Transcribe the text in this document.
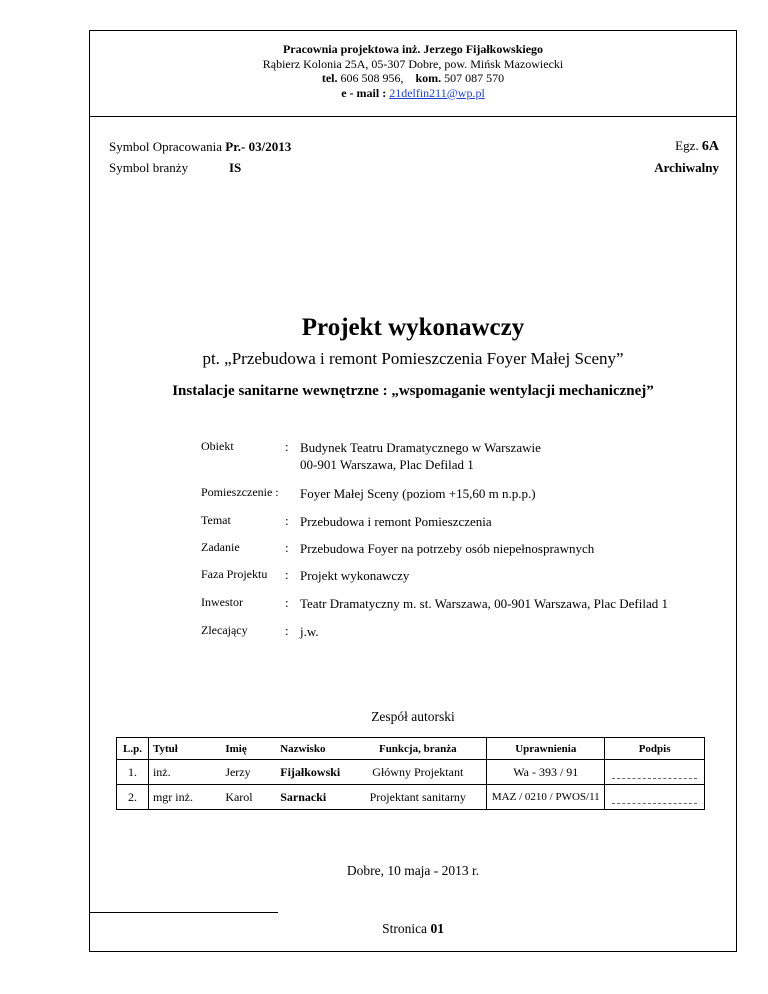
Pracownia projektowa inż. Jerzego Fijałkowskiego
Rąbierz Kolonia 25A, 05-307 Dobre, pow. Mińsk Mazowiecki
tel. 606 508 956, kom. 507 087 570
e - mail : 21delfin211@wp.pl
Symbol Opracowania Pr.- 03/2013
Symbol branży	IS
Egz. 6A
Archiwalny
Projekt wykonawczy
pt. „Przebudowa i remont Pomieszczenia Foyer Małej Sceny”
Instalacje sanitarne wewnętrzne : „wspomaganie wentylacji mechanicznej”
Obiekt	: Budynek Teatru Dramatycznego w Warszawie
00-901 Warszawa, Plac Defilad 1
Pomieszczenie : Foyer Małej Sceny (poziom +15,60 m n.p.p.)
Temat	: Przebudowa i remont Pomieszczenia
Zadanie	: Przebudowa Foyer na potrzeby osób niepełnosprawnych
Faza Projektu : Projekt wykonawczy
Inwestor	: Teatr Dramatyczny m. st. Warszawa, 00-901 Warszawa, Plac Defilad 1
Zlecający	: j.w.
Zespół autorski
L.p.	Tytuł	Imię	Nazwisko	Funkcja, branża	Uprawnienia	Podpis
1.	inż.	Jerzy	Fijałkowski	Główny Projektant	Wa - 393 / 91	

2.	mgr inż.	Karol	Sarnacki	Projektant sanitarny	MAZ / 0210 / PWOS/11	
Dobre, 10 maja - 2013 r.
Stronica 01
